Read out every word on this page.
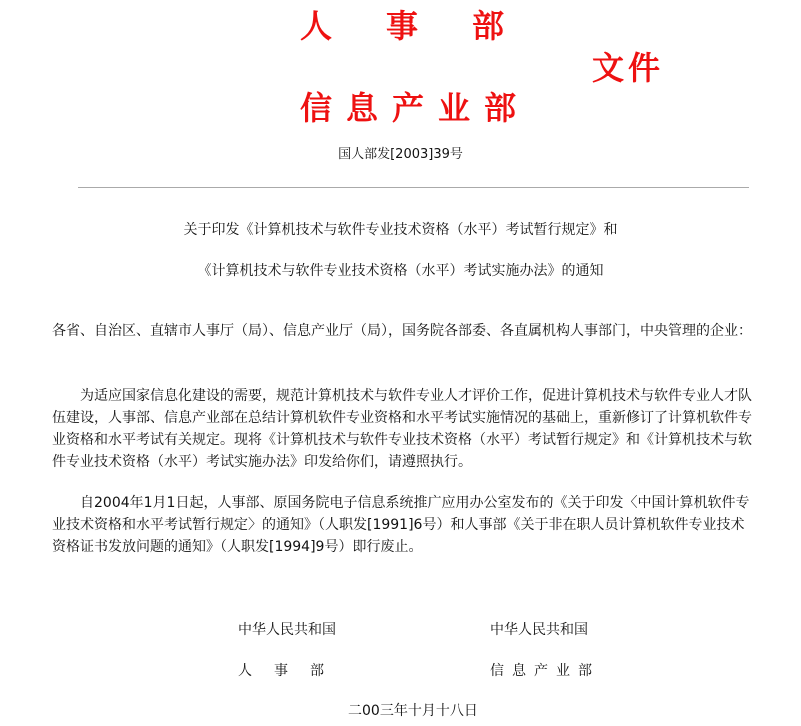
人事部
文件
信息产业部
国人部发[2003]39号
关于印发《计算机技术与软件专业技术资格（水平）考试暂行规定》和
《计算机技术与软件专业技术资格（水平）考试实施办法》的通知
各省、自治区、直辖市人事厅（局）、信息产业厅（局），国务院各部委、各直属机构人事部门，中央管理的企业：
为适应国家信息化建设的需要，规范计算机技术与软件专业人才评价工作，促进计算机技术与软件专业人才队伍建设，人事部、信息产业部在总结计算机软件专业资格和水平考试实施情况的基础上，重新修订了计算机软件专业资格和水平考试有关规定。现将《计算机技术与软件专业技术资格（水平）考试暂行规定》和《计算机技术与软件专业技术资格（水平）考试实施办法》印发给你们，请遵照执行。
自2004年1月1日起，人事部、原国务院电子信息系统推广应用办公室发布的《关于印发〈中国计算机软件专业技术资格和水平考试暂行规定〉的通知》（人职发[1991]6号）和人事部《关于非在职人员计算机软件专业技术资格证书发放问题的通知》（人职发[1994]9号）即行废止。
中华人民共和国	中华人民共和国
人事部	信息产业部
二00三年十月十八日
